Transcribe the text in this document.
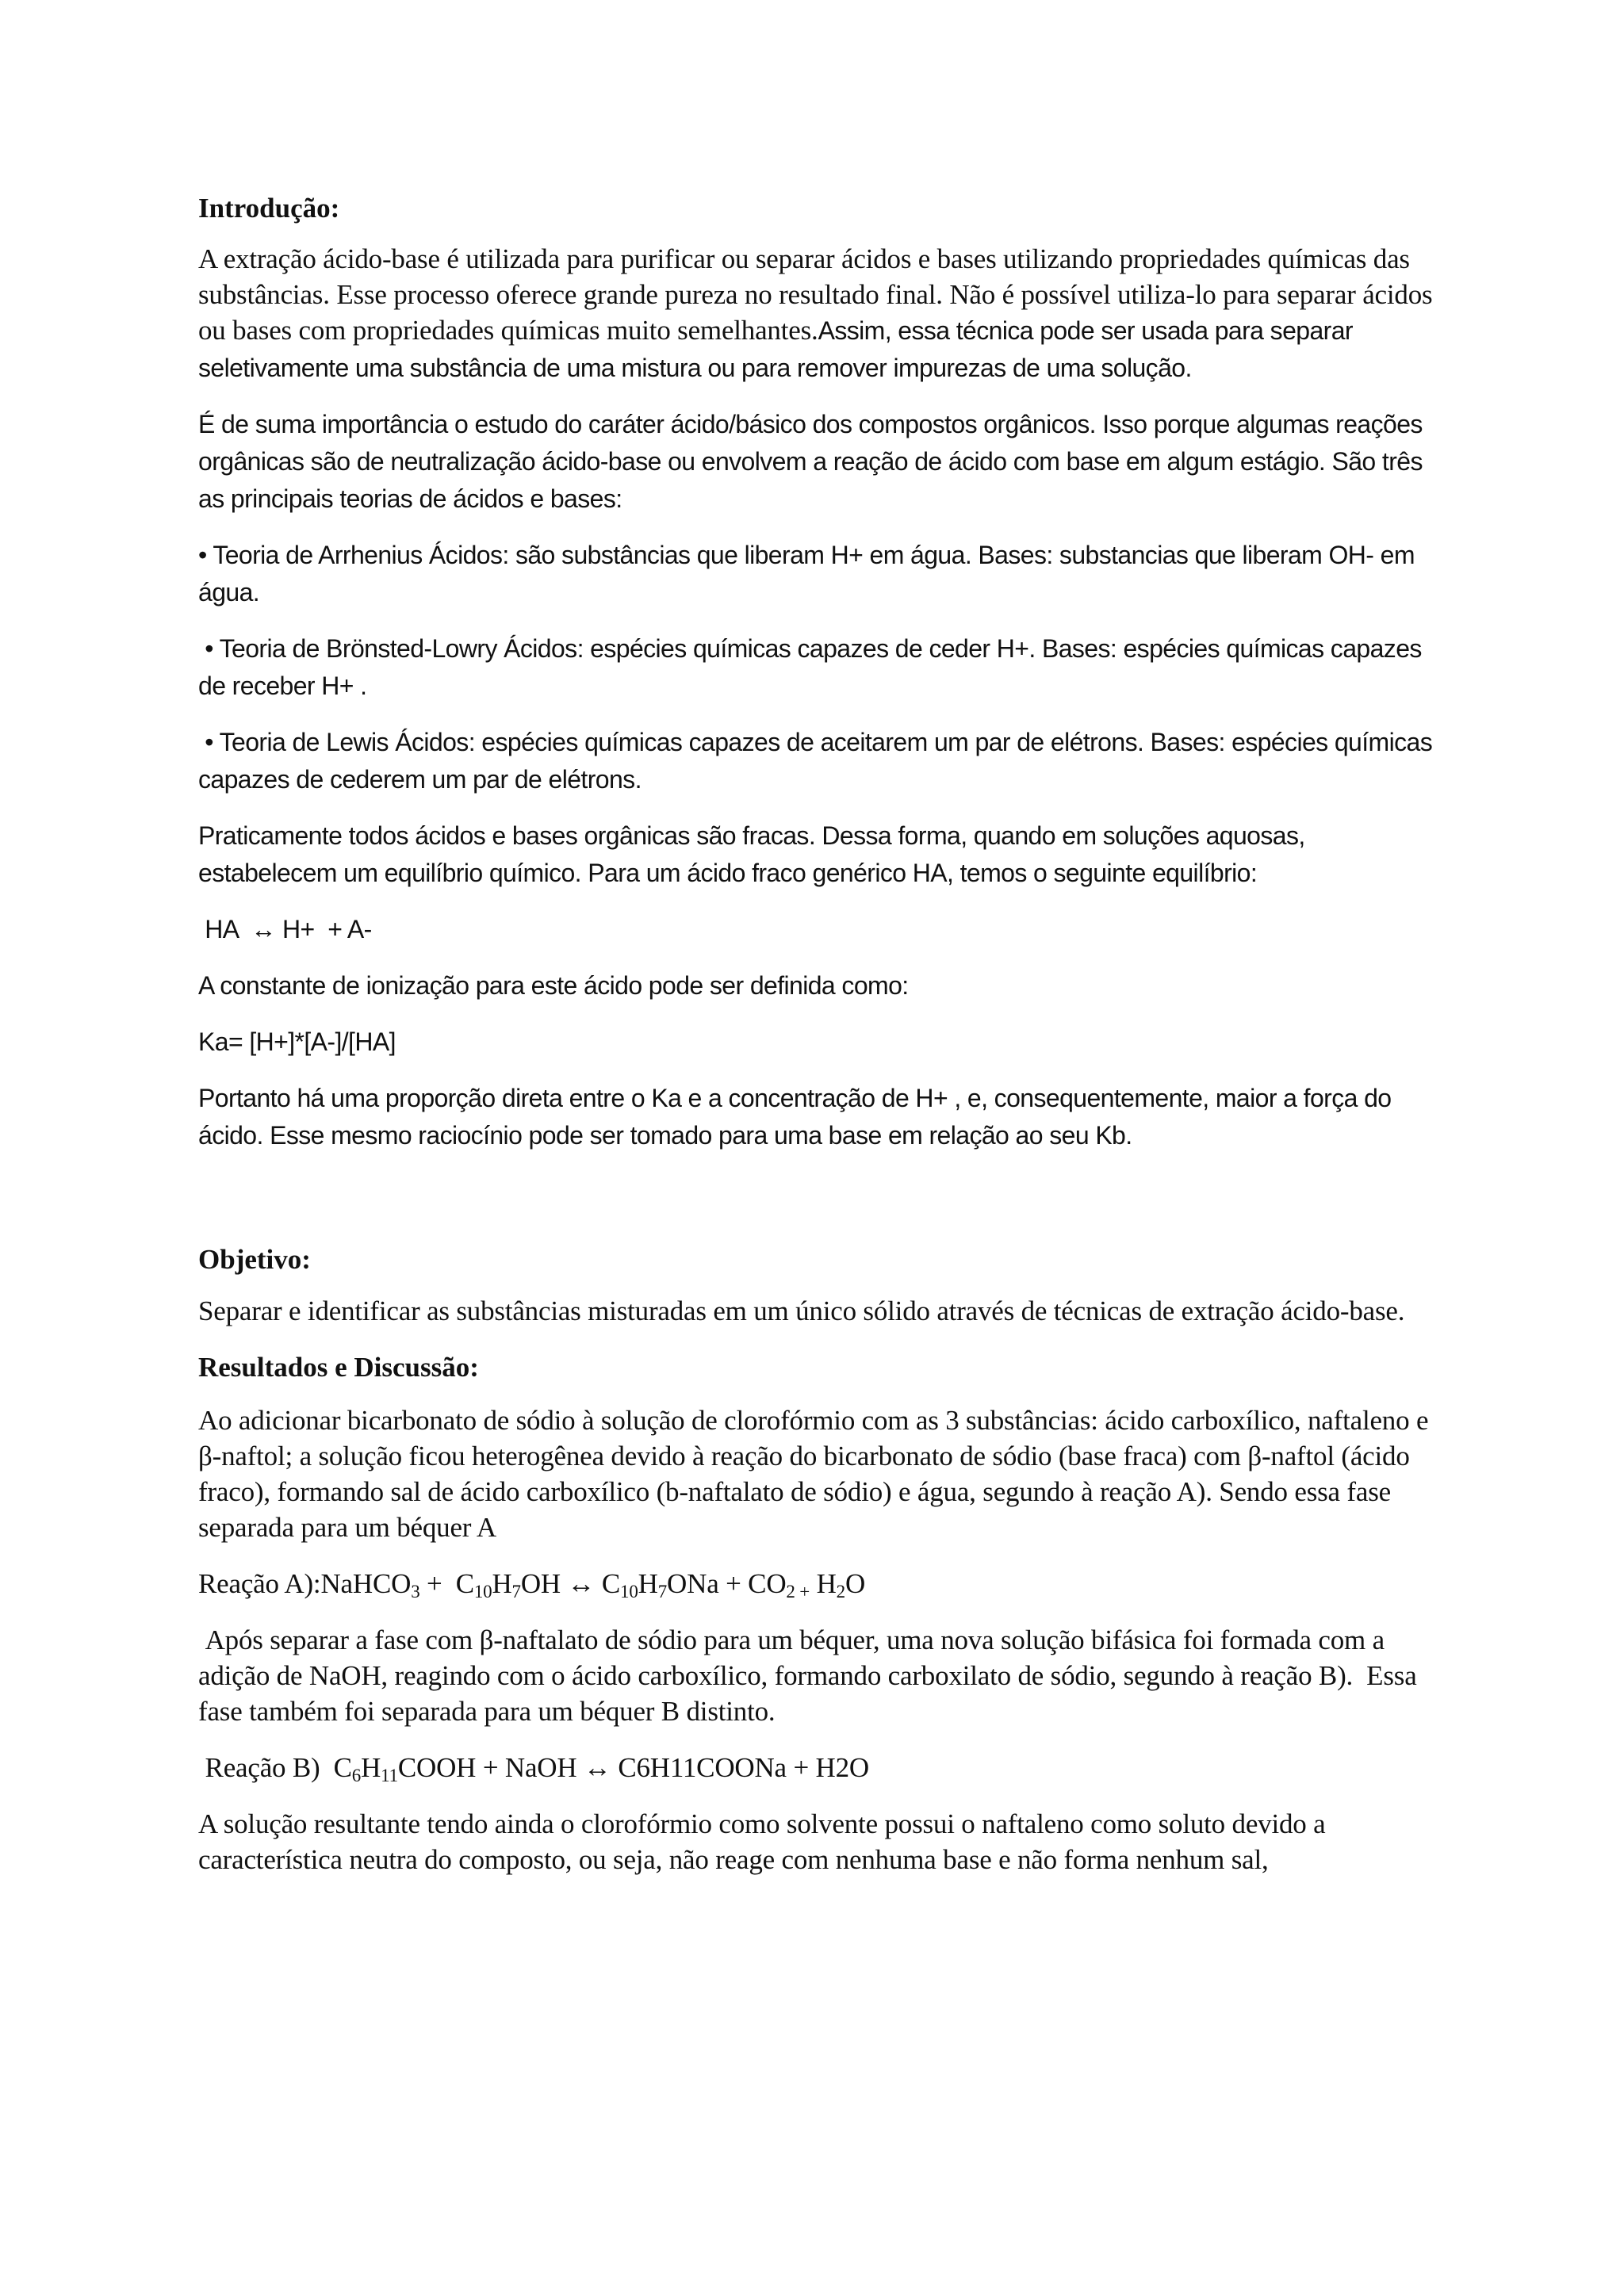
Introdução:

A extração ácido-base é utilizada para purificar ou separar ácidos e bases utilizando propriedades químicas das substâncias. Esse processo oferece grande pureza no resultado final. Não é possível utiliza-lo para separar ácidos ou bases com propriedades químicas muito semelhantes.Assim, essa técnica pode ser usada para separar seletivamente uma substância de uma mistura ou para remover impurezas de uma solução.

É de suma importância o estudo do caráter ácido/básico dos compostos orgânicos. Isso porque algumas reações orgânicas são de neutralização ácido-base ou envolvem a reação de ácido com base em algum estágio. São três as principais teorias de ácidos e bases:

• Teoria de Arrhenius Ácidos: são substâncias que liberam H+ em água. Bases: substancias que liberam OH- em água.

• Teoria de Brönsted-Lowry Ácidos: espécies químicas capazes de ceder H+. Bases: espécies químicas capazes de receber H+ .

• Teoria de Lewis Ácidos: espécies químicas capazes de aceitarem um par de elétrons. Bases: espécies químicas capazes de cederem um par de elétrons.

Praticamente todos ácidos e bases orgânicas são fracas. Dessa forma, quando em soluções aquosas, estabelecem um equilíbrio químico. Para um ácido fraco genérico HA, temos o seguinte equilíbrio:

HA  ↔ H+  + A-

A constante de ionização para este ácido pode ser definida como:

Ka= [H+]*[A-]/[HA]

Portanto há uma proporção direta entre o Ka e a concentração de H+ , e, consequentemente, maior a força do ácido. Esse mesmo raciocínio pode ser tomado para uma base em relação ao seu Kb.

Objetivo:

Separar e identificar as substâncias misturadas em um único sólido através de técnicas de extração ácido-base.

Resultados e Discussão:

Ao adicionar bicarbonato de sódio à solução de clorofórmio com as 3 substâncias: ácido carboxílico, naftaleno e β-naftol; a solução ficou heterogênea devido à reação do bicarbonato de sódio (base fraca) com β-naftol (ácido fraco), formando sal de ácido carboxílico (b-naftalato de sódio) e água, segundo à reação A). Sendo essa fase separada para um béquer A

Reação A):NaHCO$_3$ +  $C_{10}H_7OH$ ↔ $C_{10}H_7ONa + CO_{2 +}$ $H_2O$

Após separar a fase com β-naftalato de sódio para um béquer, uma nova solução bifásica foi formada com a adição de NaOH, reagindo com o ácido carboxílico, formando carboxilato de sódio, segundo à reação B).  Essa fase também foi separada para um béquer B distinto.

Reação B)  $C_6H_{11}COOH$ + NaOH ↔ C6H11COONa + H2O

A solução resultante tendo ainda o clorofórmio como solvente possui o naftaleno como soluto devido a característica neutra do composto, ou seja, não reage com nenhuma base e não forma nenhum sal,
